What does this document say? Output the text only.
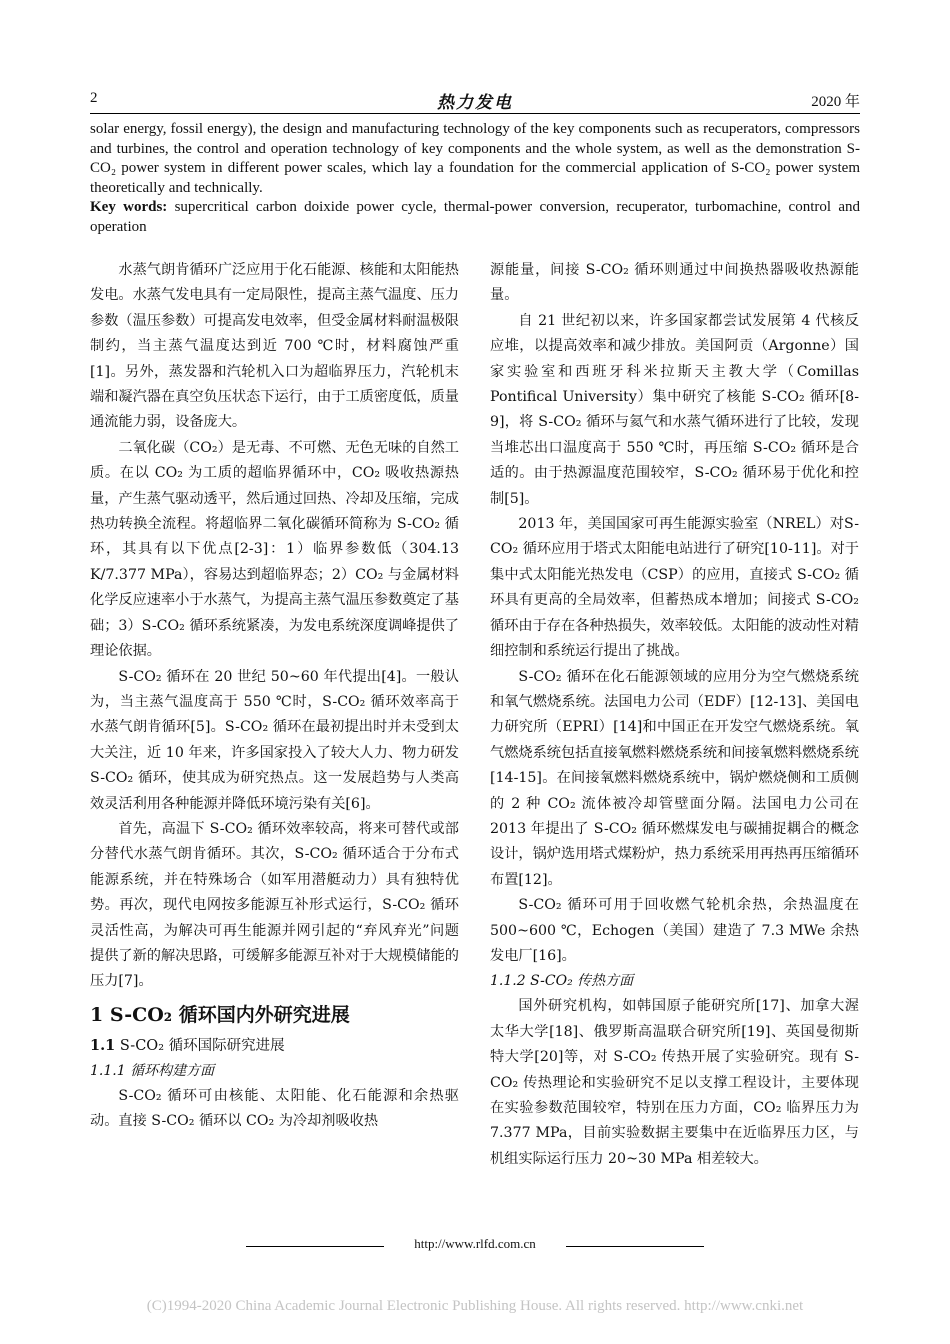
2	热力发电	2020 年

solar energy, fossil energy), the design and manufacturing technology of the key components such as recuperators, compressors and turbines, the control and operation technology of key components and the whole system, as well as the demonstration S-CO₂ power system in different power scales, which lay a foundation for the commercial application of S-CO₂ power system theoretically and technically.

Key words: supercritical carbon doixide power cycle, thermal-power conversion, recuperator, turbomachine, control and operation

水蒸气朗肯循环广泛应用于化石能源、核能和太阳能热发电。水蒸气发电具有一定局限性，提高主蒸气温度、压力参数（温压参数）可提高发电效率，但受金属材料耐温极限制约，当主蒸气温度达到近 700 ℃时，材料腐蚀严重[1]。另外，蒸发器和汽轮机入口为超临界压力，汽轮机末端和凝汽器在真空负压状态下运行，由于工质密度低，质量通流能力弱，设备庞大。

二氧化碳（CO₂）是无毒、不可燃、无色无味的自然工质。在以 CO₂ 为工质的超临界循环中，CO₂ 吸收热源热量，产生蒸气驱动透平，然后通过回热、冷却及压缩，完成热功转换全流程。将超临界二氧化碳循环简称为 S-CO₂ 循环，其具有以下优点[2-3]：1）临界参数低（304.13 K/7.377 MPa），容易达到超临界态；2）CO₂ 与金属材料化学反应速率小于水蒸气，为提高主蒸气温压参数奠定了基础；3）S-CO₂ 循环系统紧凑，为发电系统深度调峰提供了理论依据。

S-CO₂ 循环在 20 世纪 50~60 年代提出[4]。一般认为，当主蒸气温度高于 550 ℃时，S-CO₂ 循环效率高于水蒸气朗肯循环[5]。S-CO₂ 循环在最初提出时并未受到太大关注，近 10 年来，许多国家投入了较大人力、物力研发 S-CO₂ 循环，使其成为研究热点。这一发展趋势与人类高效灵活利用各种能源并降低环境污染有关[6]。

首先，高温下 S-CO₂ 循环效率较高，将来可替代或部分替代水蒸气朗肯循环。其次，S-CO₂ 循环适合于分布式能源系统，并在特殊场合（如军用潜艇动力）具有独特优势。再次，现代电网按多能源互补形式运行，S-CO₂ 循环灵活性高，为解决可再生能源并网引起的“弃风弃光”问题提供了新的解决思路，可缓解多能源互补对于大规模储能的压力[7]。

1 S-CO₂ 循环国内外研究进展

1.1 S-CO₂ 循环国际研究进展

1.1.1 循环构建方面

S-CO₂ 循环可由核能、太阳能、化石能源和余热驱动。直接 S-CO₂ 循环以 CO₂ 为冷却剂吸收热

源能量，间接 S-CO₂ 循环则通过中间换热器吸收热源能量。

自 21 世纪初以来，许多国家都尝试发展第 4 代核反应堆，以提高效率和减少排放。美国阿贡（Argonne）国家实验室和西班牙科米拉斯天主教大学（Comillas Pontifical University）集中研究了核能 S-CO₂ 循环[8-9]，将 S-CO₂ 循环与氦气和水蒸气循环进行了比较，发现当堆芯出口温度高于 550 ℃时，再压缩 S-CO₂ 循环是合适的。由于热源温度范围较窄，S-CO₂ 循环易于优化和控制[5]。

2013 年，美国国家可再生能源实验室（NREL）对S-CO₂ 循环应用于塔式太阳能电站进行了研究[10-11]。对于集中式太阳能光热发电（CSP）的应用，直接式 S-CO₂ 循环具有更高的全局效率，但蓄热成本增加；间接式 S-CO₂ 循环由于存在各种热损失，效率较低。太阳能的波动性对精细控制和系统运行提出了挑战。

S-CO₂ 循环在化石能源领域的应用分为空气燃烧系统和氧气燃烧系统。法国电力公司（EDF）[12-13]、美国电力研究所（EPRI）[14]和中国正在开发空气燃烧系统。氧气燃烧系统包括直接氧燃料燃烧系统和间接氧燃料燃烧系统[14-15]。在间接氧燃料燃烧系统中，锅炉燃烧侧和工质侧的 2 种 CO₂ 流体被冷却管壁面分隔。法国电力公司在 2013 年提出了 S-CO₂ 循环燃煤发电与碳捕捉耦合的概念设计，锅炉选用塔式煤粉炉，热力系统采用再热再压缩循环布置[12]。

S-CO₂ 循环可用于回收燃气轮机余热，余热温度在 500~600 ℃，Echogen（美国）建造了 7.3 MWe 余热发电厂[16]。

1.1.2 S-CO₂ 传热方面

国外研究机构，如韩国原子能研究所[17]、加拿大渥太华大学[18]、俄罗斯高温联合研究所[19]、英国曼彻斯特大学[20]等，对 S-CO₂ 传热开展了实验研究。现有 S-CO₂ 传热理论和实验研究不足以支撑工程设计，主要体现在实验参数范围较窄，特别在压力方面，CO₂ 临界压力为 7.377 MPa，目前实验数据主要集中在近临界压力区，与机组实际运行压力 20~30 MPa 相差较大。

http://www.rlfd.com.cn
(C)1994-2020 China Academic Journal Electronic Publishing House. All rights reserved. http://www.cnki.net
